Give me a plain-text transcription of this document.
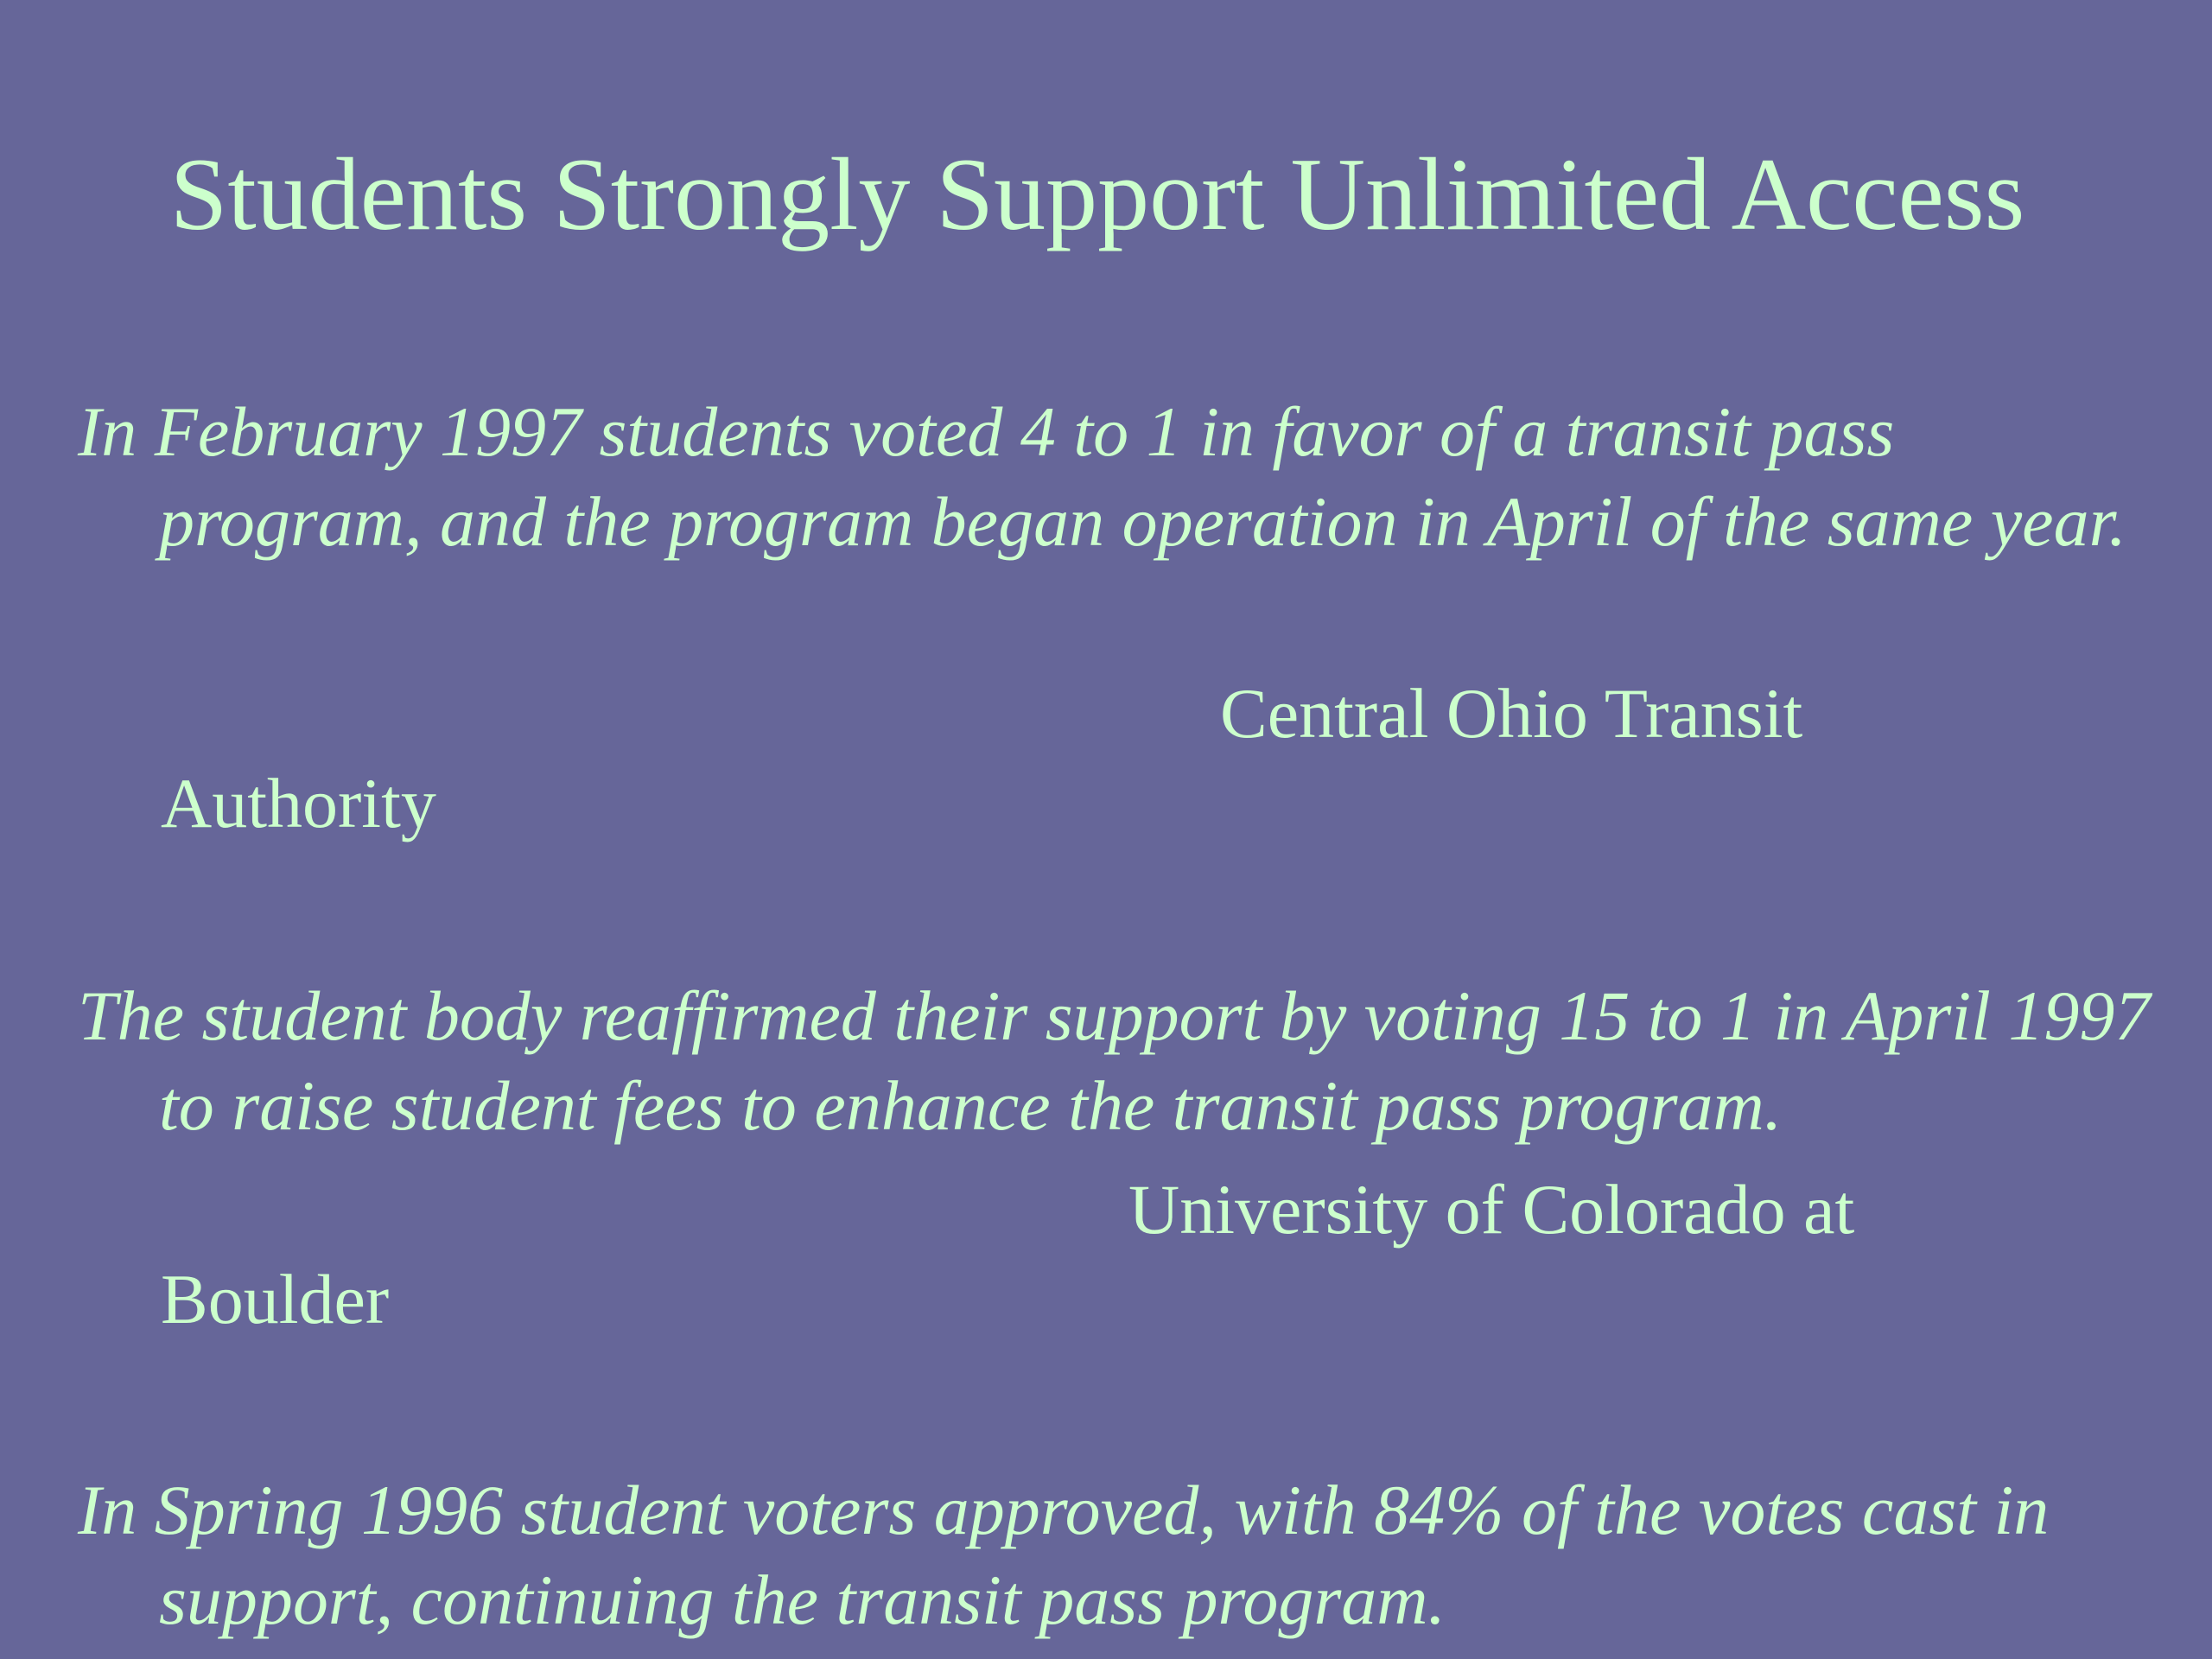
Students Strongly Support Unlimited Access

In February 1997 students voted 4 to 1 in favor of a transit pass program, and the program began operation in April of the same year.

Central Ohio Transit
Authority

The student body reaffirmed their support by voting 15 to 1 in April 1997 to raise student fees to enhance the transit pass program.

University of Colorado at
Boulder

In Spring 1996 student voters approved, with 84% of the votes cast in support, continuing the transit pass program.
